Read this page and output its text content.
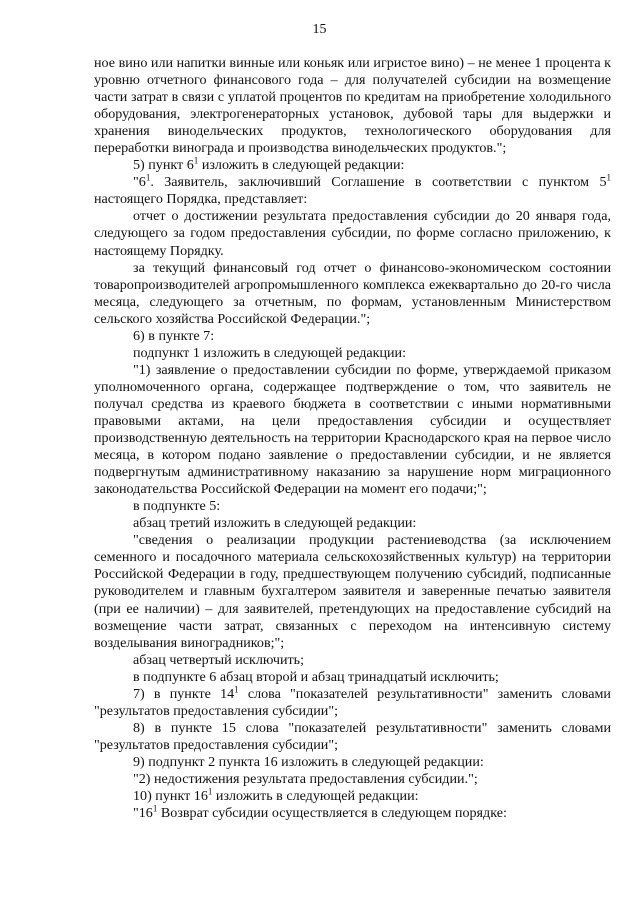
15

ное вино или напитки винные или коньяк или игристое вино) – не менее 1 процента к уровню отчетного финансового года – для получателей субсидии на возмещение части затрат в связи с уплатой процентов по кредитам на приобретение холодильного оборудования, электрогенераторных установок, дубовой тары для выдержки и хранения винодельческих продуктов, технологического оборудования для переработки винограда и производства винодельческих продуктов.";

5) пункт $6^1$ изложить в следующей редакции:

"$6^1$. Заявитель, заключивший Соглашение в соответствии с пунктом $5^1$ настоящего Порядка, представляет:

отчет о достижении результата предоставления субсидии до 20 января года, следующего за годом предоставления субсидии, по форме согласно приложению, к настоящему Порядку.

за текущий финансовый год отчет о финансово-экономическом состоянии товаропроизводителей агропромышленного комплекса ежеквартально до 20-го числа месяца, следующего за отчетным, по формам, установленным Министерством сельского хозяйства Российской Федерации.";

6) в пункте 7:

подпункт 1 изложить в следующей редакции:

"1) заявление о предоставлении субсидии по форме, утверждаемой приказом уполномоченного органа, содержащее подтверждение о том, что заявитель не получал средства из краевого бюджета в соответствии с иными нормативными правовыми актами, на цели предоставления субсидии и осуществляет производственную деятельность на территории Краснодарского края на первое число месяца, в котором подано заявление о предоставлении субсидии, и не является подвергнутым административному наказанию за нарушение норм миграционного законодательства Российской Федерации на момент его подачи;";

в подпункте 5:

абзац третий изложить в следующей редакции:

"сведения о реализации продукции растениеводства (за исключением семенного и посадочного материала сельскохозяйственных культур) на территории Российской Федерации в году, предшествующем получению субсидий, подписанные руководителем и главным бухгалтером заявителя и заверенные печатью заявителя (при ее наличии) – для заявителей, претендующих на предоставление субсидий на возмещение части затрат, связанных с переходом на интенсивную систему возделывания виноградников;";

абзац четвертый исключить;

в подпункте 6 абзац второй и абзац тринадцатый исключить;

7) в пункте $14^1$ слова "показателей результативности" заменить словами "результатов предоставления субсидии";

8) в пункте 15 слова "показателей результативности" заменить словами "результатов предоставления субсидии";

9) подпункт 2 пункта 16 изложить в следующей редакции:

"2) недостижения результата предоставления субсидии.";

10) пункт $16^1$ изложить в следующей редакции:

"$16^1$ Возврат субсидии осуществляется в следующем порядке:
